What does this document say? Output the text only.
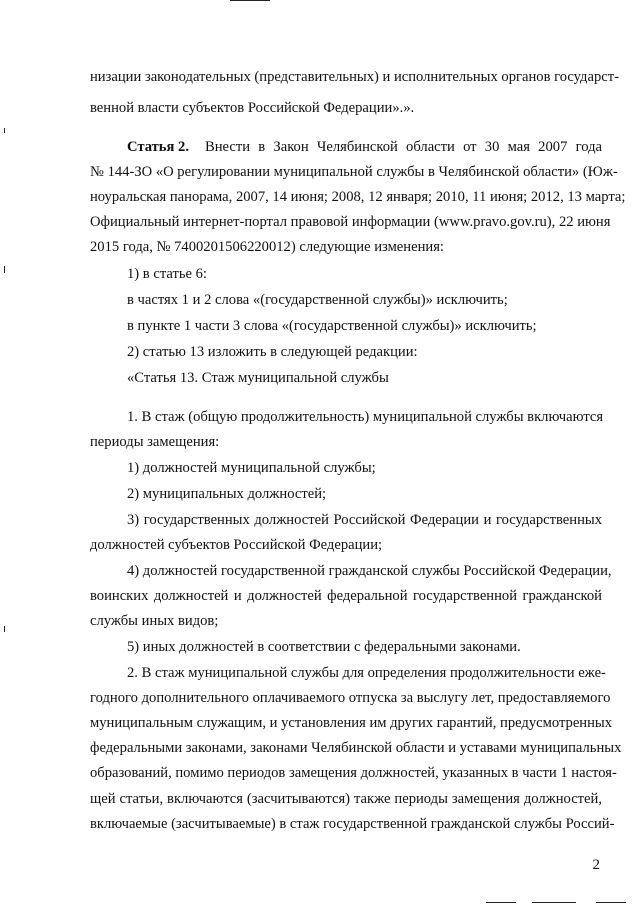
низации законодательных (представительных) и исполнительных органов государст-
венной власти субъектов Российской Федерации».».
Статья 2. Внести в Закон Челябинской области от 30 мая 2007 года
№ 144-ЗО «О регулировании муниципальной службы в Челябинской области» (Юж-
ноуральская панорама, 2007, 14 июня; 2008, 12 января; 2010, 11 июня; 2012, 13 марта;
Официальный интернет-портал правовой информации (www.pravo.gov.ru), 22 июня
2015 года, № 7400201506220012) следующие изменения:
1) в статье 6:
в частях 1 и 2 слова «(государственной службы)» исключить;
в пункте 1 части 3 слова «(государственной службы)» исключить;
2) статью 13 изложить в следующей редакции:
«Статья 13. Стаж муниципальной службы
1. В стаж (общую продолжительность) муниципальной службы включаются
периоды замещения:
1) должностей муниципальной службы;
2) муниципальных должностей;
3) государственных должностей Российской Федерации и государственных
должностей субъектов Российской Федерации;
4) должностей государственной гражданской службы Российской Федерации,
воинских должностей и должностей федеральной государственной гражданской
службы иных видов;
5) иных должностей в соответствии с федеральными законами.
2. В стаж муниципальной службы для определения продолжительности еже-
годного дополнительного оплачиваемого отпуска за выслугу лет, предоставляемого
муниципальным служащим, и установления им других гарантий, предусмотренных
федеральными законами, законами Челябинской области и уставами муниципальных
образований, помимо периодов замещения должностей, указанных в части 1 настоя-
щей статьи, включаются (засчитываются) также периоды замещения должностей,
включаемые (засчитываемые) в стаж государственной гражданской службы Россий-
2
